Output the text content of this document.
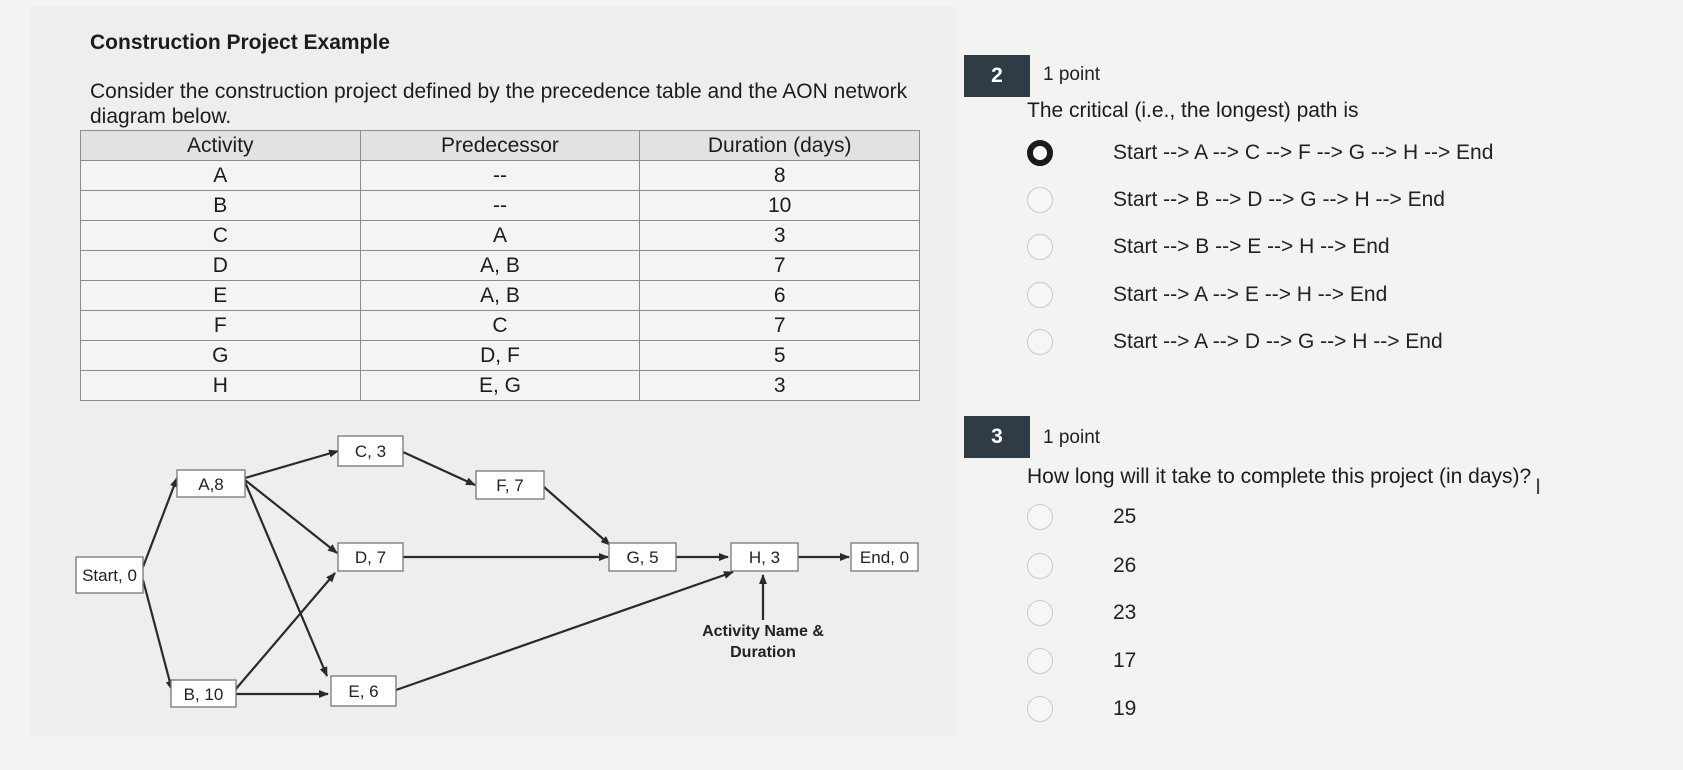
Construction Project Example
Consider the construction project defined by the precedence table and the AON network diagram below.
Activity	Predecessor	Duration (days)
A	--	8
B	--	10
C	A	3
D	A, B	7
E	A, B	6
F	C	7
G	D, F	5
H	E, G	3
Start, 0
A,8
B, 10
C, 3
D, 7
E, 6
F, 7
G, 5	H, 3	End, 0
Activity Name &
Duration
2	1 point
The critical (i.e., the longest) path is
Start --> A --> C --> F --> G --> H --> End
Start --> B --> D --> G --> H --> End
Start --> B --> E --> H --> End
Start --> A --> E --> H --> End
Start --> A --> D --> G --> H --> End
3	1 point
How long will it take to complete this project (in days)?
25
26
23
17
19
I
